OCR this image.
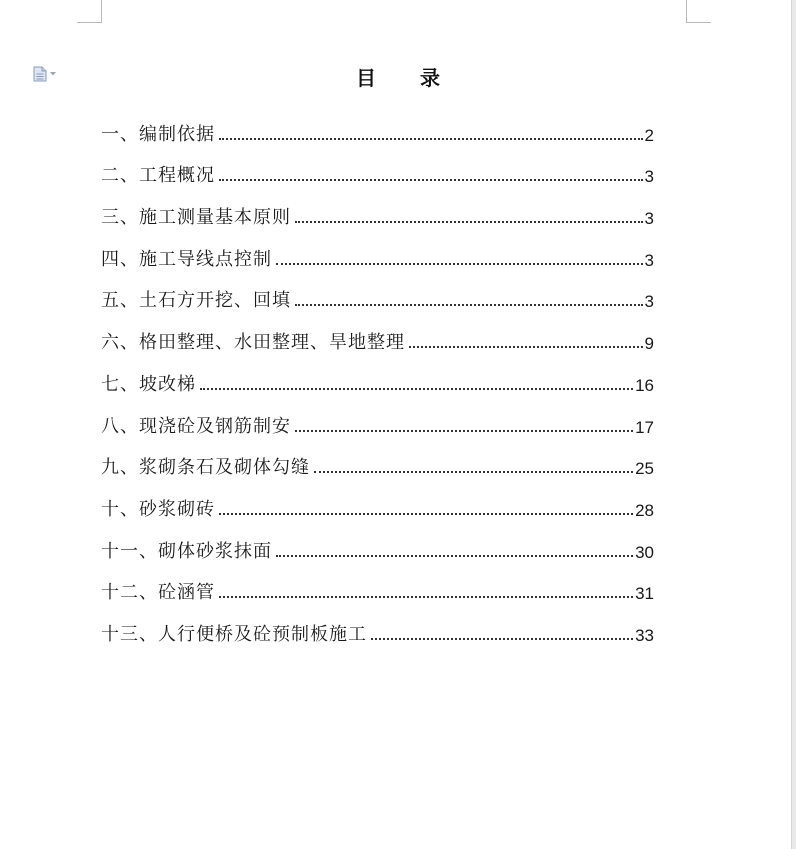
目 录
一、编制依据	2
二、工程概况	3
三、施工测量基本原则	3
四、施工导线点控制	3
五、土石方开挖、回填	3
六、格田整理、水田整理、旱地整理	9
七、坡改梯	16
八、现浇砼及钢筋制安	17
九、浆砌条石及砌体勾缝	25
十、砂浆砌砖	28
十一、砌体砂浆抹面	30
十二、砼涵管	31
十三、人行便桥及砼预制板施工	33
